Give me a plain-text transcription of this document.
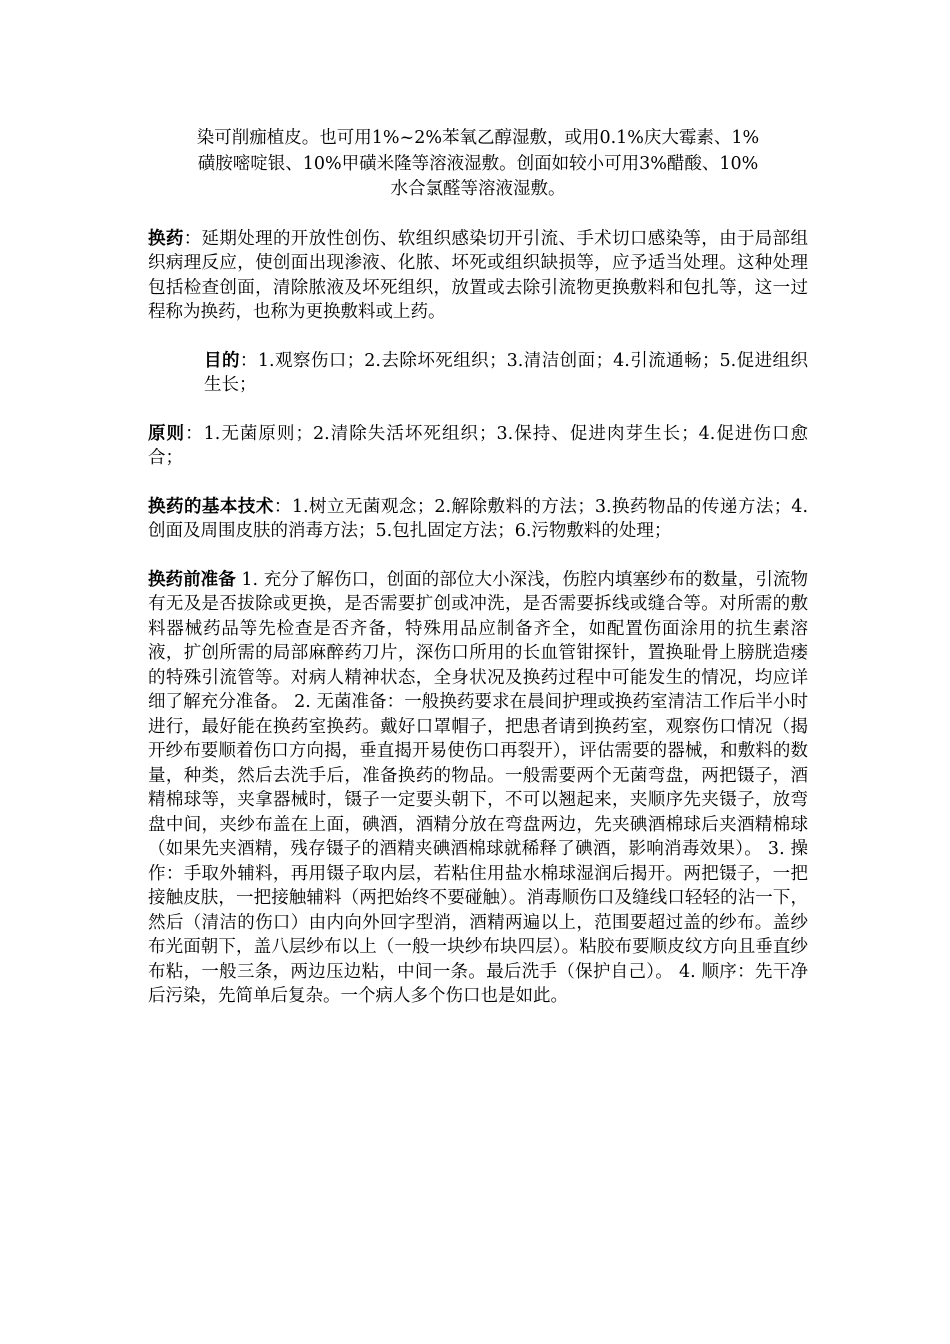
染可削痂植皮。也可用1%~2%苯氧乙醇湿敷，或用0.1%庆大霉素、1%
磺胺嘧啶银、10%甲磺米隆等溶液湿敷。创面如较小可用3%醋酸、10%
水合氯醛等溶液湿敷。

换药：延期处理的开放性创伤、软组织感染切开引流、手术切口感染等，由于局部组织病理反应，使创面出现渗液、化脓、坏死或组织缺损等，应予适当处理。这种处理包括检查创面，清除脓液及坏死组织，放置或去除引流物更换敷料和包扎等，这一过程称为换药，也称为更换敷料或上药。

目的：1.观察伤口；2.去除坏死组织；3.清洁创面；4.引流通畅；5.促进组织生长；

原则：1.无菌原则；2.清除失活坏死组织；3.保持、促进肉芽生长；4.促进伤口愈合；

换药的基本技术：1.树立无菌观念；2.解除敷料的方法；3.换药物品的传递方法；4.创面及周围皮肤的消毒方法；5.包扎固定方法；6.污物敷料的处理；

换药前准备 1. 充分了解伤口，创面的部位大小深浅，伤腔内填塞纱布的数量，引流物有无及是否拔除或更换，是否需要扩创或冲洗，是否需要拆线或缝合等。对所需的敷料器械药品等先检查是否齐备，特殊用品应制备齐全，如配置伤面涂用的抗生素溶液，扩创所需的局部麻醉药刀片，深伤口所用的长血管钳探针，置换耻骨上膀胱造瘘的特殊引流管等。对病人精神状态，全身状况及换药过程中可能发生的情况，均应详细了解充分准备。 2. 无菌准备：一般换药要求在晨间护理或换药室清洁工作后半小时进行，最好能在换药室换药。戴好口罩帽子，把患者请到换药室，观察伤口情况（揭开纱布要顺着伤口方向揭，垂直揭开易使伤口再裂开），评估需要的器械，和敷料的数量，种类，然后去洗手后，准备换药的物品。一般需要两个无菌弯盘，两把镊子，酒精棉球等，夹拿器械时，镊子一定要头朝下，不可以翘起来，夹顺序先夹镊子，放弯盘中间，夹纱布盖在上面，碘酒，酒精分放在弯盘两边，先夹碘酒棉球后夹酒精棉球（如果先夹酒精，残存镊子的酒精夹碘酒棉球就稀释了碘酒，影响消毒效果）。 3. 操作：手取外辅料，再用镊子取内层，若粘住用盐水棉球湿润后揭开。两把镊子，一把接触皮肤，一把接触辅料（两把始终不要碰触）。消毒顺伤口及缝线口轻轻的沾一下，然后（清洁的伤口）由内向外回字型消，酒精两遍以上，范围要超过盖的纱布。盖纱布光面朝下，盖八层纱布以上（一般一块纱布块四层）。粘胶布要顺皮纹方向且垂直纱布粘，一般三条，两边压边粘，中间一条。最后洗手（保护自己）。 4. 顺序：先干净后污染，先简单后复杂。一个病人多个伤口也是如此。
